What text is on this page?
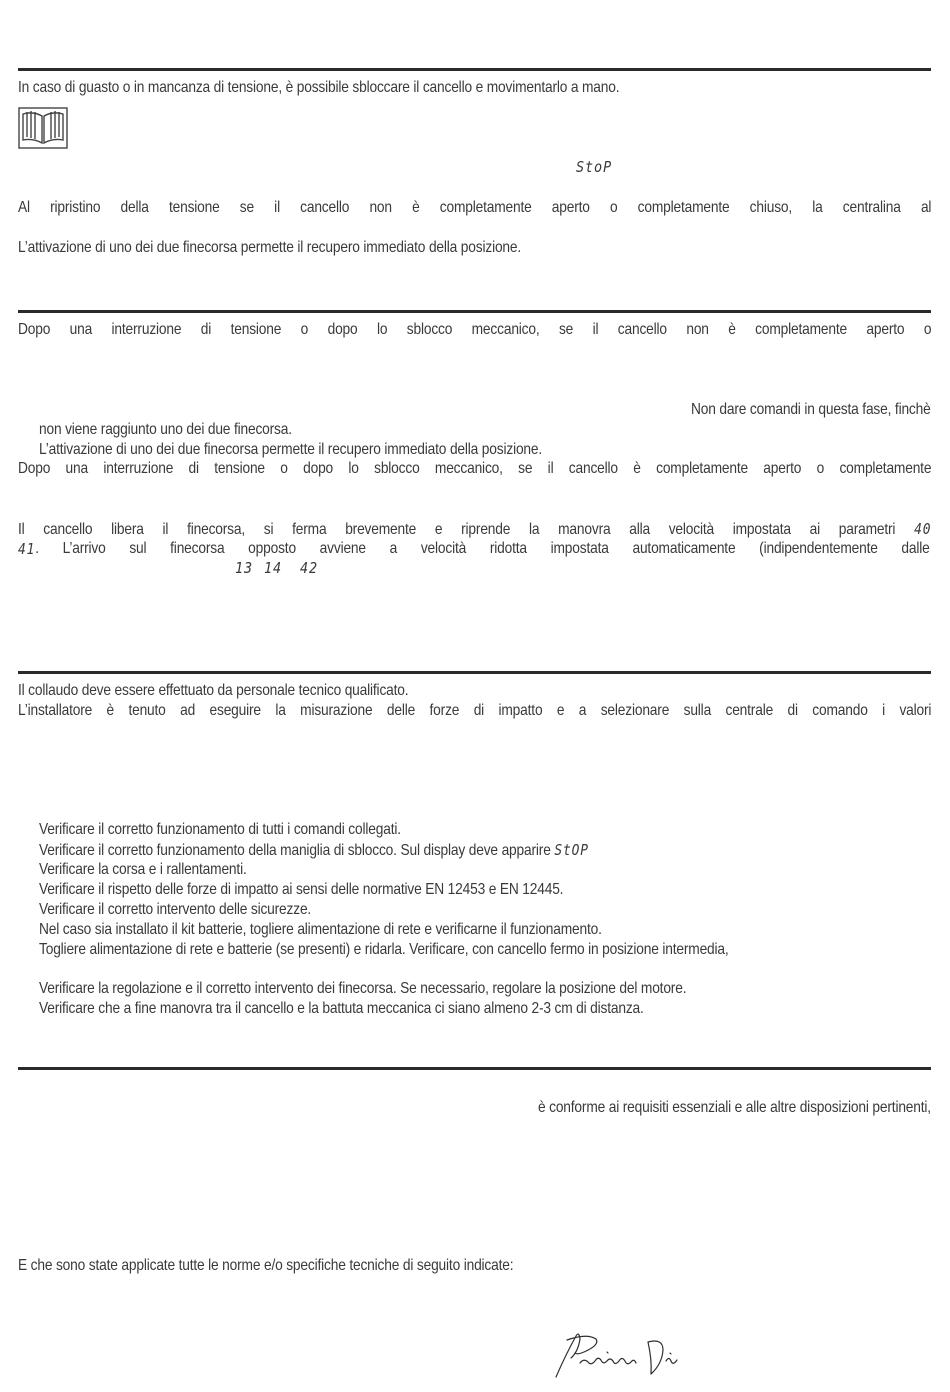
In caso di guasto o in mancanza di tensione, è possibile sbloccare il cancello e movimentarlo a mano.
StoP
Al ripristino della tensione se il cancello non è completamente aperto o completamente chiuso, la centralina al
L’attivazione di uno dei due finecorsa permette il recupero immediato della posizione.
Dopo una interruzione di tensione o dopo lo sblocco meccanico, se il cancello non è completamente aperto o
Non dare comandi in questa fase, finchè
non viene raggiunto uno dei due finecorsa.
L’attivazione di uno dei due finecorsa permette il recupero immediato della posizione.
Dopo una interruzione di tensione o dopo lo sblocco meccanico, se il cancello è completamente aperto o completamente
Il cancello libera il finecorsa, si ferma brevemente e riprende la manovra alla velocità impostata ai parametri 40
41. L’arrivo sul finecorsa opposto avviene a velocità ridotta impostata automaticamente (indipendentemente dalle
13 14 42
Il collaudo deve essere effettuato da personale tecnico qualificato.
L’installatore è tenuto ad eseguire la misurazione delle forze di impatto e a selezionare sulla centrale di comando i valori
Verificare il corretto funzionamento di tutti i comandi collegati.
Verificare il corretto funzionamento della maniglia di sblocco. Sul display deve apparire StOP
Verificare la corsa e i rallentamenti.
Verificare il rispetto delle forze di impatto ai sensi delle normative EN 12453 e EN 12445.
Verificare il corretto intervento delle sicurezze.
Nel caso sia installato il kit batterie, togliere alimentazione di rete e verificarne il funzionamento.
Togliere alimentazione di rete e batterie (se presenti) e ridarla. Verificare, con cancello fermo in posizione intermedia,
Verificare la regolazione e il corretto intervento dei finecorsa. Se necessario, regolare la posizione del motore.
Verificare che a fine manovra tra il cancello e la battuta meccanica ci siano almeno 2-3 cm di distanza.
è conforme ai requisiti essenziali e alle altre disposizioni pertinenti,
E che sono state applicate tutte le norme e/o specifiche tecniche di seguito indicate:
